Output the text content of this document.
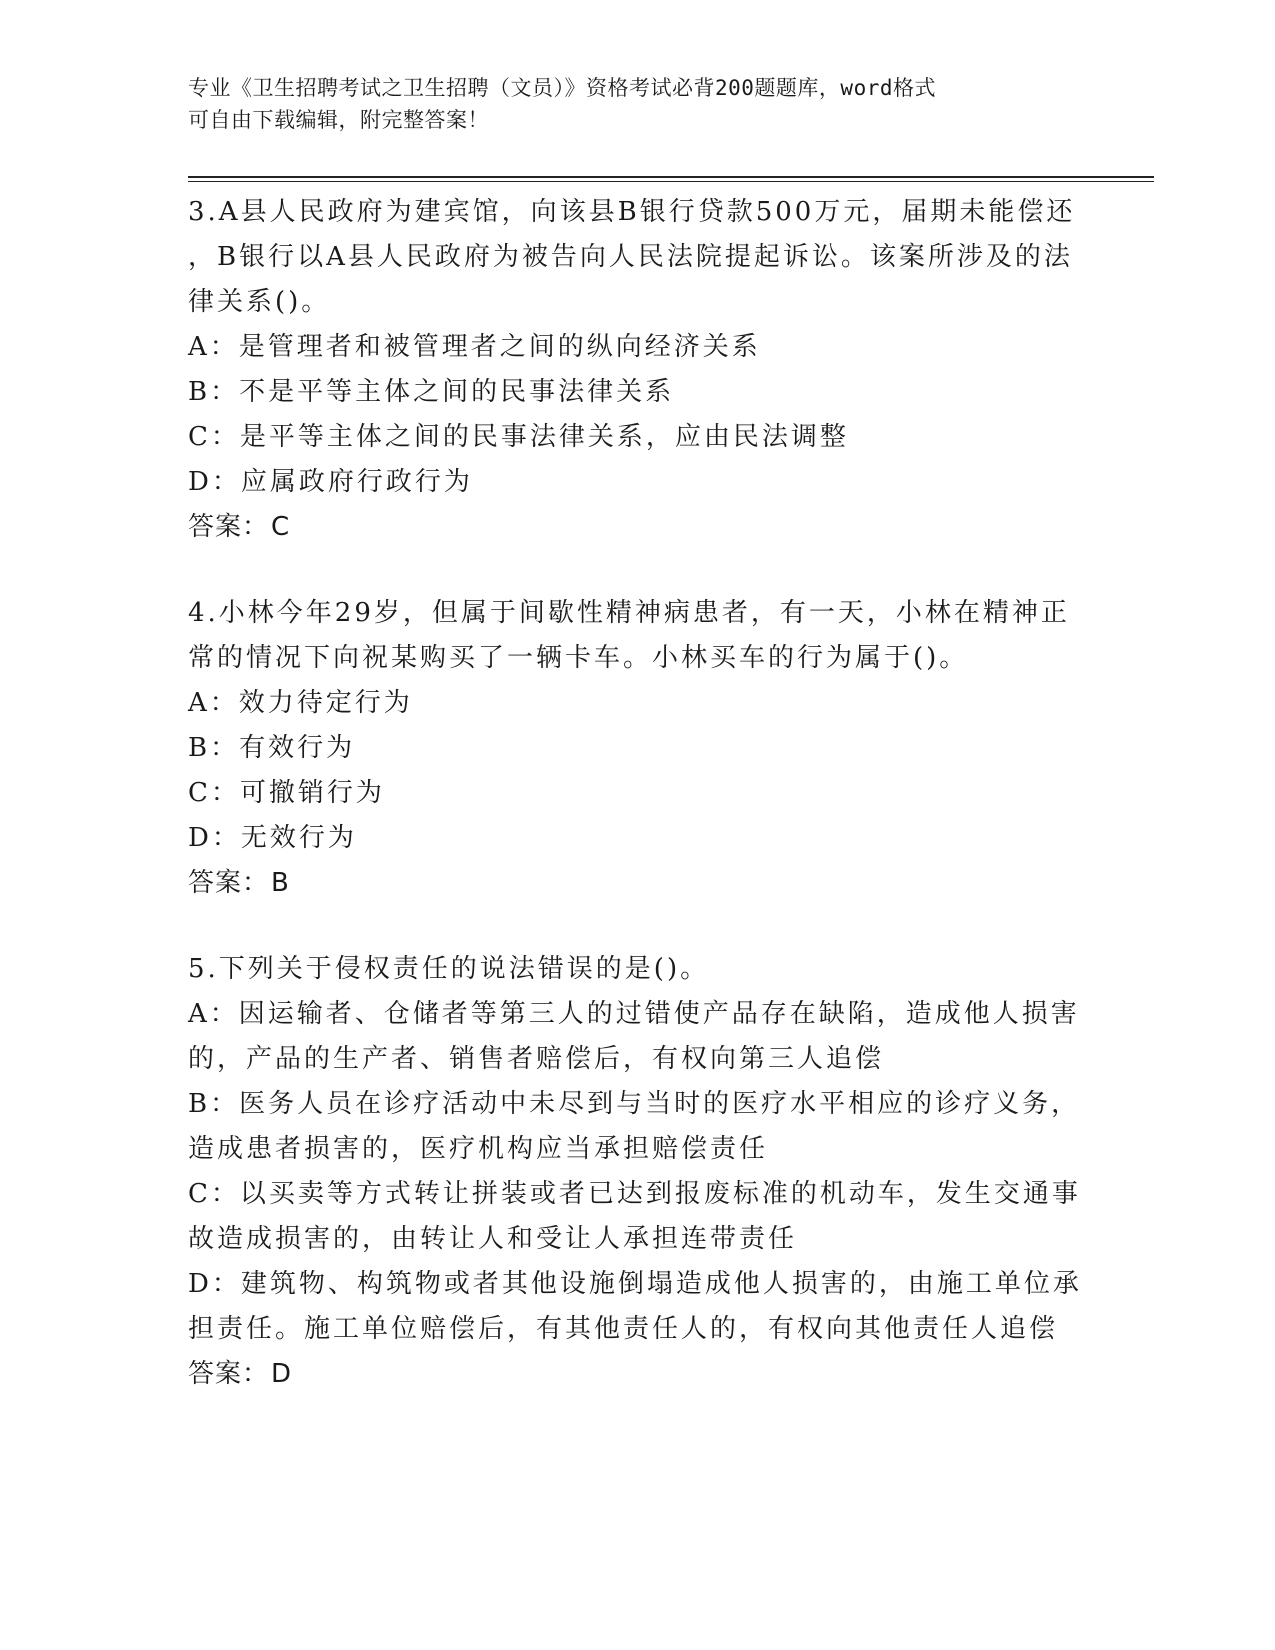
专业《卫生招聘考试之卫生招聘（文员）》资格考试必背200题题库，word格式
可自由下载编辑，附完整答案！
3.A县人民政府为建宾馆，向该县B银行贷款500万元，届期未能偿还
，B银行以A县人民政府为被告向人民法院提起诉讼。该案所涉及的法
律关系()。
A：是管理者和被管理者之间的纵向经济关系
B：不是平等主体之间的民事法律关系
C：是平等主体之间的民事法律关系，应由民法调整
D：应属政府行政行为
答案：C
4.小林今年29岁，但属于间歇性精神病患者，有一天，小林在精神正
常的情况下向祝某购买了一辆卡车。小林买车的行为属于()。
A：效力待定行为
B：有效行为
C：可撤销行为
D：无效行为
答案：B
5.下列关于侵权责任的说法错误的是()。
A：因运输者、仓储者等第三人的过错使产品存在缺陷，造成他人损害
的，产品的生产者、销售者赔偿后，有权向第三人追偿
B：医务人员在诊疗活动中未尽到与当时的医疗水平相应的诊疗义务，
造成患者损害的，医疗机构应当承担赔偿责任
C：以买卖等方式转让拼装或者已达到报废标准的机动车，发生交通事
故造成损害的，由转让人和受让人承担连带责任
D：建筑物、构筑物或者其他设施倒塌造成他人损害的，由施工单位承
担责任。施工单位赔偿后，有其他责任人的，有权向其他责任人追偿
答案：D
